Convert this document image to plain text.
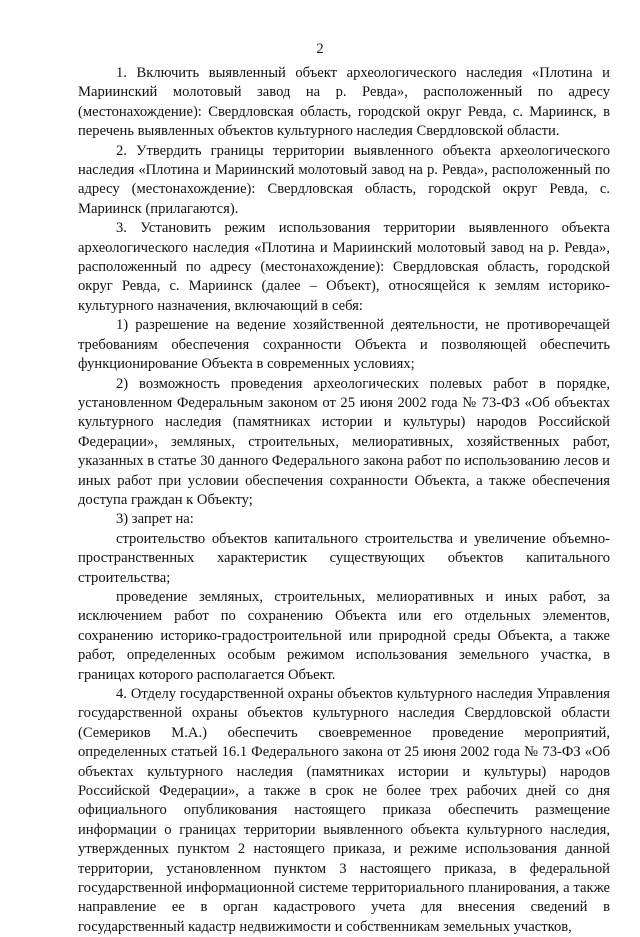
2

1. Включить выявленный объект археологического наследия «Плотина и Мариинский молотовый завод на р. Ревда», расположенный по адресу (местонахождение): Свердловская область, городской округ Ревда, с. Мариинск, в перечень выявленных объектов культурного наследия Свердловской области.

2. Утвердить границы территории выявленного объекта археологического наследия «Плотина и Мариинский молотовый завод на р. Ревда», расположенный по адресу (местонахождение): Свердловская область, городской округ Ревда, с. Мариинск (прилагаются).

3. Установить режим использования территории выявленного объекта археологического наследия «Плотина и Мариинский молотовый завод на р. Ревда», расположенный по адресу (местонахождение): Свердловская область, городской округ Ревда, с. Мариинск (далее – Объект), относящейся к землям историко-культурного назначения, включающий в себя:

1) разрешение на ведение хозяйственной деятельности, не противоречащей требованиям обеспечения сохранности Объекта и позволяющей обеспечить функционирование Объекта в современных условиях;

2) возможность проведения археологических полевых работ в порядке, установленном Федеральным законом от 25 июня 2002 года № 73-ФЗ «Об объектах культурного наследия (памятниках истории и культуры) народов Российской Федерации», земляных, строительных, мелиоративных, хозяйственных работ, указанных в статье 30 данного Федерального закона работ по использованию лесов и иных работ при условии обеспечения сохранности Объекта, а также обеспечения доступа граждан к Объекту;

3) запрет на:

строительство объектов капитального строительства и увеличение объемно-пространственных характеристик существующих объектов капитального строительства;

проведение земляных, строительных, мелиоративных и иных работ, за исключением работ по сохранению Объекта или его отдельных элементов, сохранению историко-градостроительной или природной среды Объекта, а также работ, определенных особым режимом использования земельного участка, в границах которого располагается Объект.

4. Отделу государственной охраны объектов культурного наследия Управления государственной охраны объектов культурного наследия Свердловской области (Семериков М.А.) обеспечить своевременное проведение мероприятий, определенных статьей 16.1 Федерального закона от 25 июня 2002 года № 73-ФЗ «Об объектах культурного наследия (памятниках истории и культуры) народов Российской Федерации», а также в срок не более трех рабочих дней со дня официального опубликования настоящего приказа обеспечить размещение информации о границах территории выявленного объекта культурного наследия, утвержденных пунктом 2 настоящего приказа, и режиме использования данной территории, установленном пунктом 3 настоящего приказа, в федеральной государственной информационной системе территориального планирования, а также направление ее в орган кадастрового учета для внесения сведений в государственный кадастр недвижимости и собственникам земельных участков,
